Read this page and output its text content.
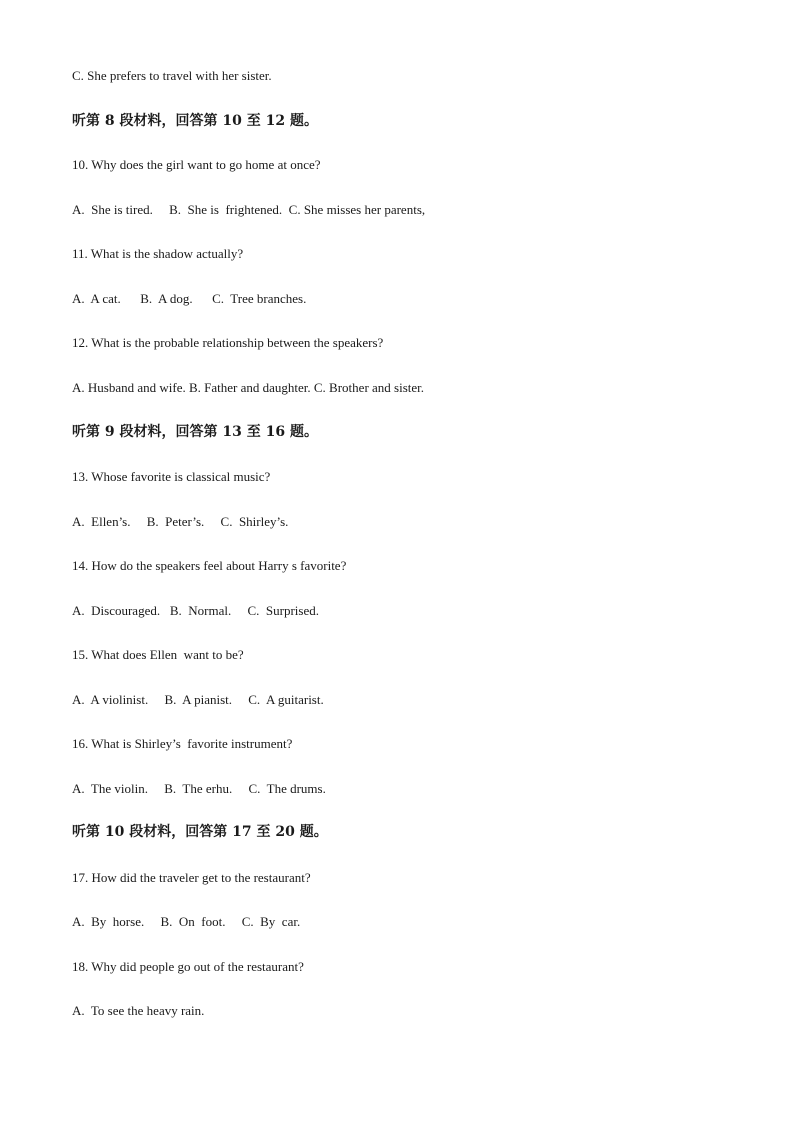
C. She prefers to travel with her sister.
听第 8 段材料，回答第 10 至 12 题。
10. Why does the girl want to go home at once?
A.  She is tired.     B.  She is  frightened.  C. She misses her parents,
11. What is the shadow actually?
A.  A cat.      B.  A dog.      C.  Tree branches.
12. What is the probable relationship between the speakers?
A. Husband and wife. B. Father and daughter. C. Brother and sister.
听第 9 段材料，回答第 13 至 16 题。
13. Whose favorite is classical music?
A.  Ellen’s.     B.  Peter’s.     C.  Shirley’s.
14. How do the speakers feel about Harry s favorite?
A.  Discouraged.   B.  Normal.     C.  Surprised.
15. What does Ellen  want to be?
A.  A violinist.     B.  A pianist.     C.  A guitarist.
16. What is Shirley’s  favorite instrument?
A.  The violin.     B.  The erhu.     C.  The drums.
听第 10 段材料，回答第 17 至 20 题。
17. How did the traveler get to the restaurant?
A.  By  horse.     B.  On  foot.     C.  By  car.
18. Why did people go out of the restaurant?
A.  To see the heavy rain.
